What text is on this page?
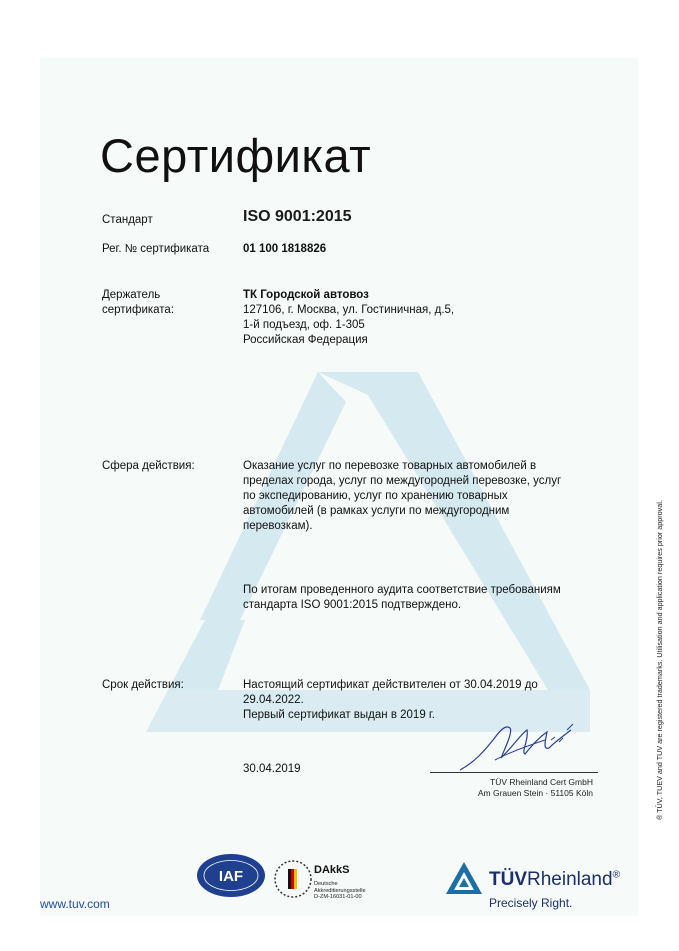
Сертификат
Стандарт	ISO 9001:2015
Рег. № сертификата	01 100 1818826
Держатель
сертификата:
ТК Городской автовоз
127106, г. Москва, ул. Гостиничная, д.5,
1-й подъезд, оф. 1-305
Российская Федерация
Сфера действия:	Оказание услуг по перевозке товарных автомобилей в
пределах города, услуг по междугородней перевозке, услуг
по экспедированию, услуг по хранению товарных
автомобилей (в рамках услуги по междугородним
перевозкам).
По итогам проведенного аудита соответствие требованиям
стандарта ISO 9001:2015 подтверждено.
Срок действия:	Настоящий сертификат действителен от 30.04.2019 до
29.04.2022.
Первый сертификат выдан в 2019 г.
30.04.2019
TÜV Rheinland Cert GmbH
Am Grauen Stein · 51105 Köln	® TÜV, TUEV and TUV are registered trademarks. Utilisation and application requires prior approval.
www.tuv.com
IAF	DAkkS
Deutsche
Akkreditierungsstelle
D-ZM-16031-01-00
TÜVRheinland®
Precisely Right.
